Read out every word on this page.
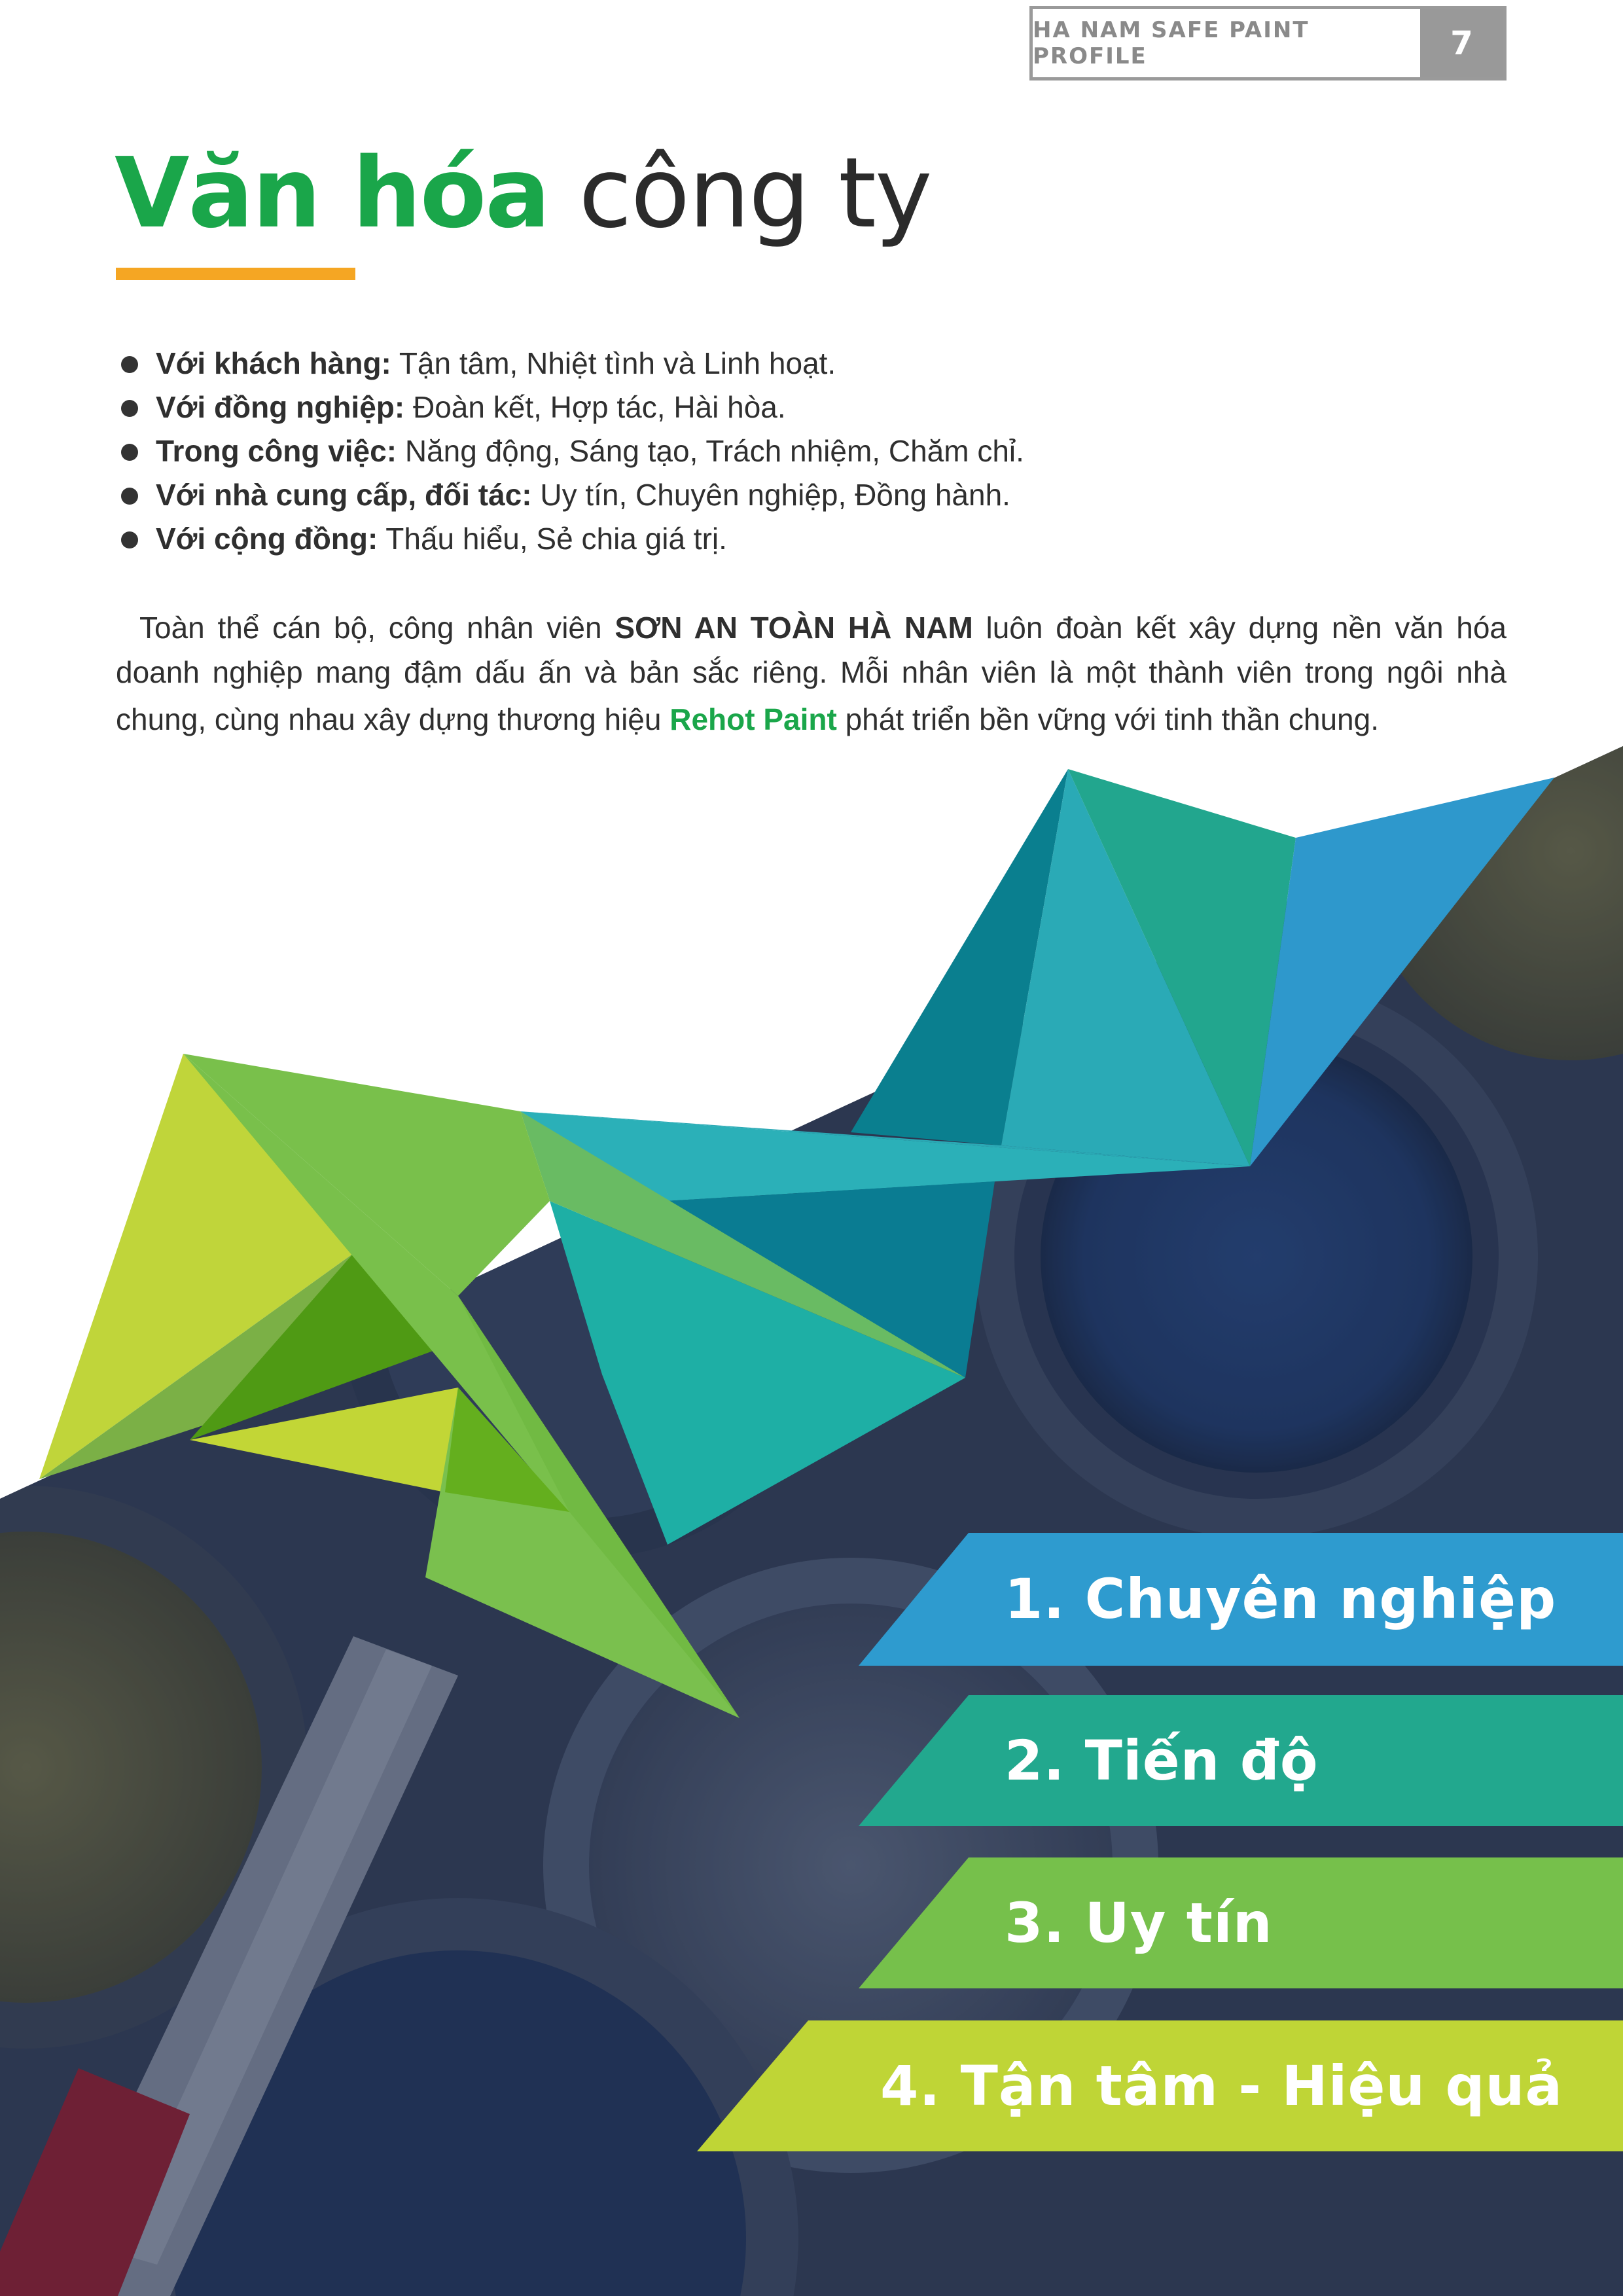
HA NAM SAFE PAINT PROFILE	7
Văn hóa công ty
Với khách hàng: Tận tâm, Nhiệt tình và Linh hoạt.
Với đồng nghiệp: Đoàn kết, Hợp tác, Hài hòa.
Trong công việc: Năng động, Sáng tạo, Trách nhiệm, Chăm chỉ.
Với nhà cung cấp, đối tác: Uy tín, Chuyên nghiệp, Đồng hành.
Với cộng đồng: Thấu hiểu, Sẻ chia giá trị.
Toàn thể cán bộ, công nhân viên SƠN AN TOÀN HÀ NAM luôn đoàn kết xây dựng nền văn hóa
doanh nghiệp mang đậm dấu ấn và bản sắc riêng. Mỗi nhân viên là một thành viên trong ngôi nhà
chung, cùng nhau xây dựng thương hiệu Rehot Paint phát triển bền vững với tinh thần chung.
1. Chuyên nghiệp
2. Tiến độ
3. Uy tín
4. Tận tâm - Hiệu quả
